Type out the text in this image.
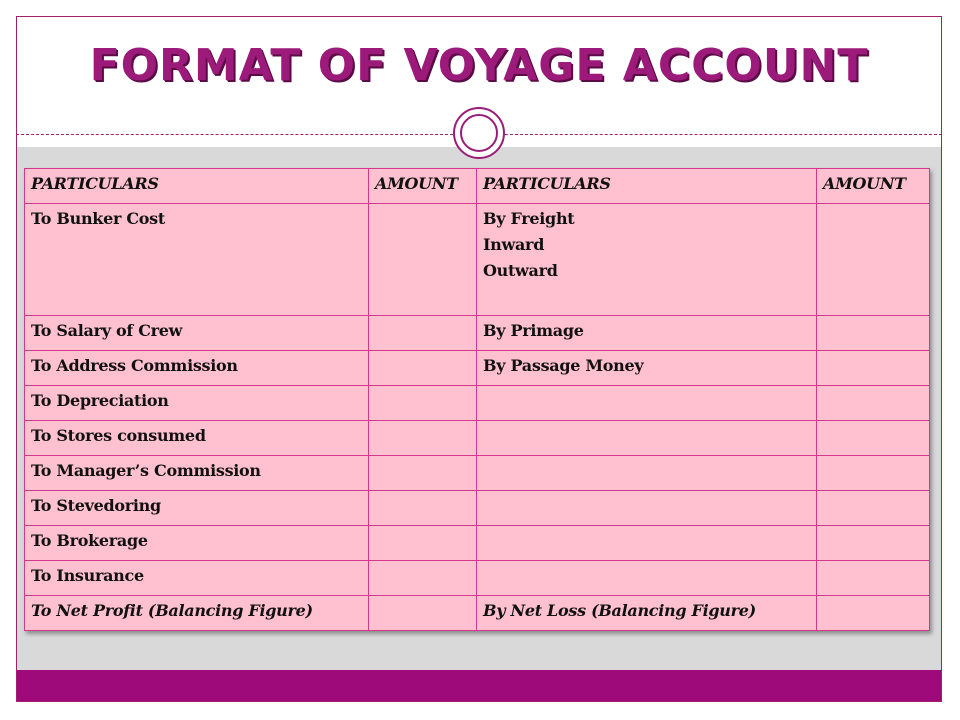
FORMAT OF VOYAGE ACCOUNT
PARTICULARS	AMOUNT	PARTICULARS	AMOUNT
To Bunker Cost		By Freight
Inward
Outward	

To Salary of Crew		By Primage	
To Address Commission		By Passage Money	
To Depreciation			
To Stores consumed			
To Manager’s Commission			
To Stevedoring			
To Brokerage			
To Insurance			
To Net Profit (Balancing Figure)		By Net Loss (Balancing Figure)	
